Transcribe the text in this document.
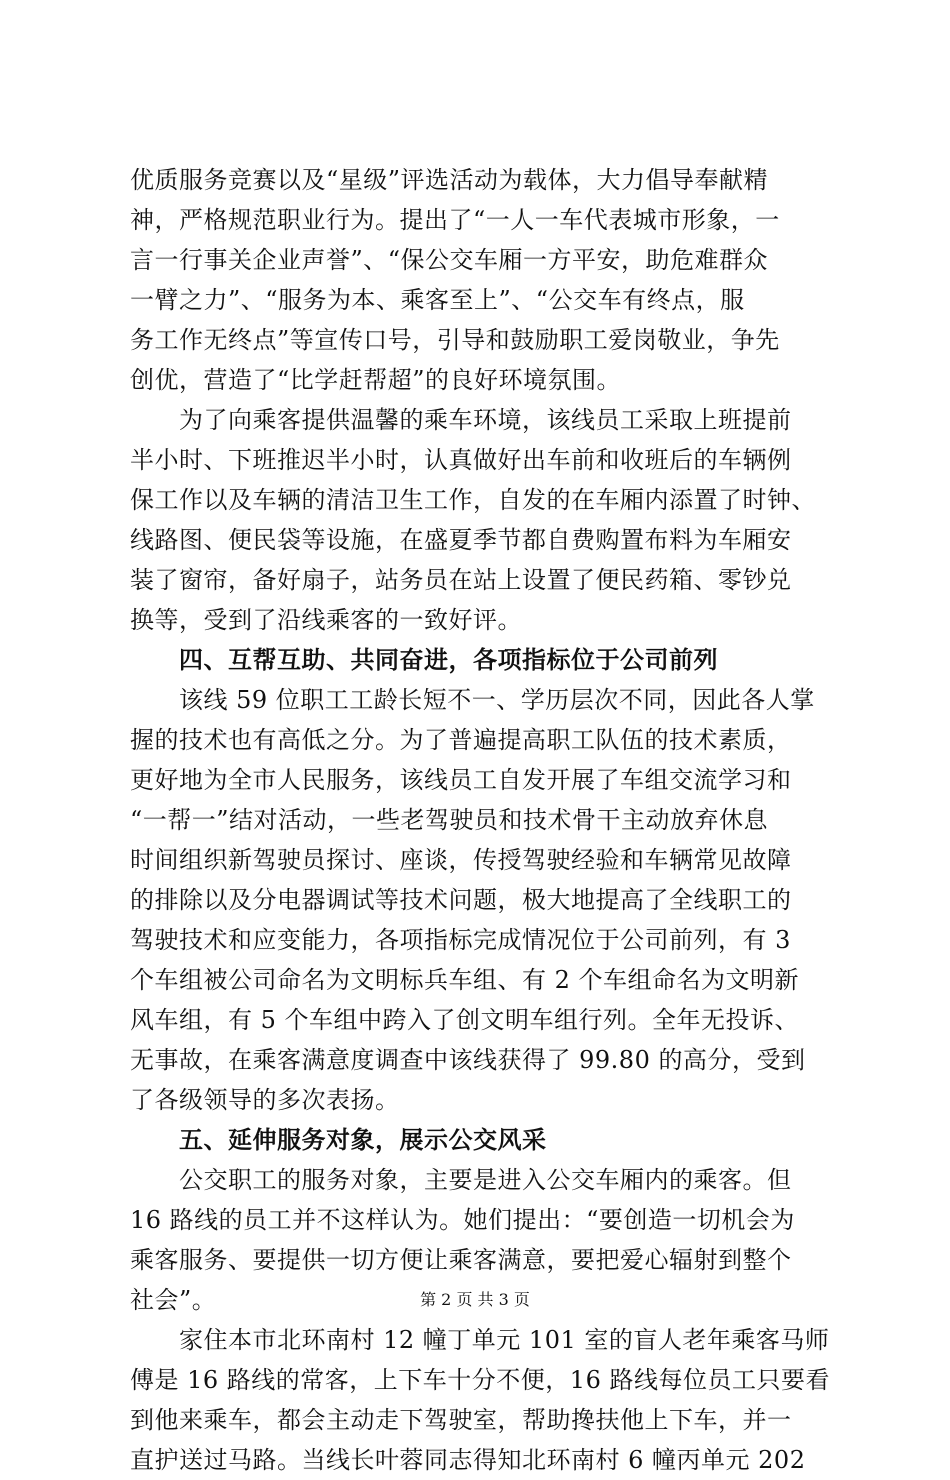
优质服务竞赛以及“星级”评选活动为载体，大力倡导奉献精
神，严格规范职业行为。提出了“一人一车代表城市形象，一
言一行事关企业声誉”、“保公交车厢一方平安，助危难群众
一臂之力”、“服务为本、乘客至上”、“公交车有终点，服
务工作无终点”等宣传口号，引导和鼓励职工爱岗敬业，争先
创优，营造了“比学赶帮超”的良好环境氛围。
　　为了向乘客提供温馨的乘车环境，该线员工采取上班提前
半小时、下班推迟半小时，认真做好出车前和收班后的车辆例
保工作以及车辆的清洁卫生工作，自发的在车厢内添置了时钟、
线路图、便民袋等设施，在盛夏季节都自费购置布料为车厢安
装了窗帘，备好扇子，站务员在站上设置了便民药箱、零钞兑
换等，受到了沿线乘客的一致好评。
　　四、互帮互助、共同奋进，各项指标位于公司前列
　　该线 59 位职工工龄长短不一、学历层次不同，因此各人掌
握的技术也有高低之分。为了普遍提高职工队伍的技术素质，
更好地为全市人民服务，该线员工自发开展了车组交流学习和
“一帮一”结对活动，一些老驾驶员和技术骨干主动放弃休息
时间组织新驾驶员探讨、座谈，传授驾驶经验和车辆常见故障
的排除以及分电器调试等技术问题，极大地提高了全线职工的
驾驶技术和应变能力，各项指标完成情况位于公司前列，有 3
个车组被公司命名为文明标兵车组、有 2 个车组命名为文明新
风车组，有 5 个车组中跨入了创文明车组行列。全年无投诉、
无事故，在乘客满意度调查中该线获得了 99.80 的高分，受到
了各级领导的多次表扬。
　　五、延伸服务对象，展示公交风采
　　公交职工的服务对象，主要是进入公交车厢内的乘客。但
16 路线的员工并不这样认为。她们提出：“要创造一切机会为
乘客服务、要提供一切方便让乘客满意，要把爱心辐射到整个
社会”。
　　家住本市北环南村 12 幢丁单元 101 室的盲人老年乘客马师
傅是 16 路线的常客，上下车十分不便，16 路线每位员工只要看
到他来乘车，都会主动走下驾驶室，帮助搀扶他上下车，并一
直护送过马路。当线长叶蓉同志得知北环南村 6 幢丙单元 202
第 2 页 共 3 页
